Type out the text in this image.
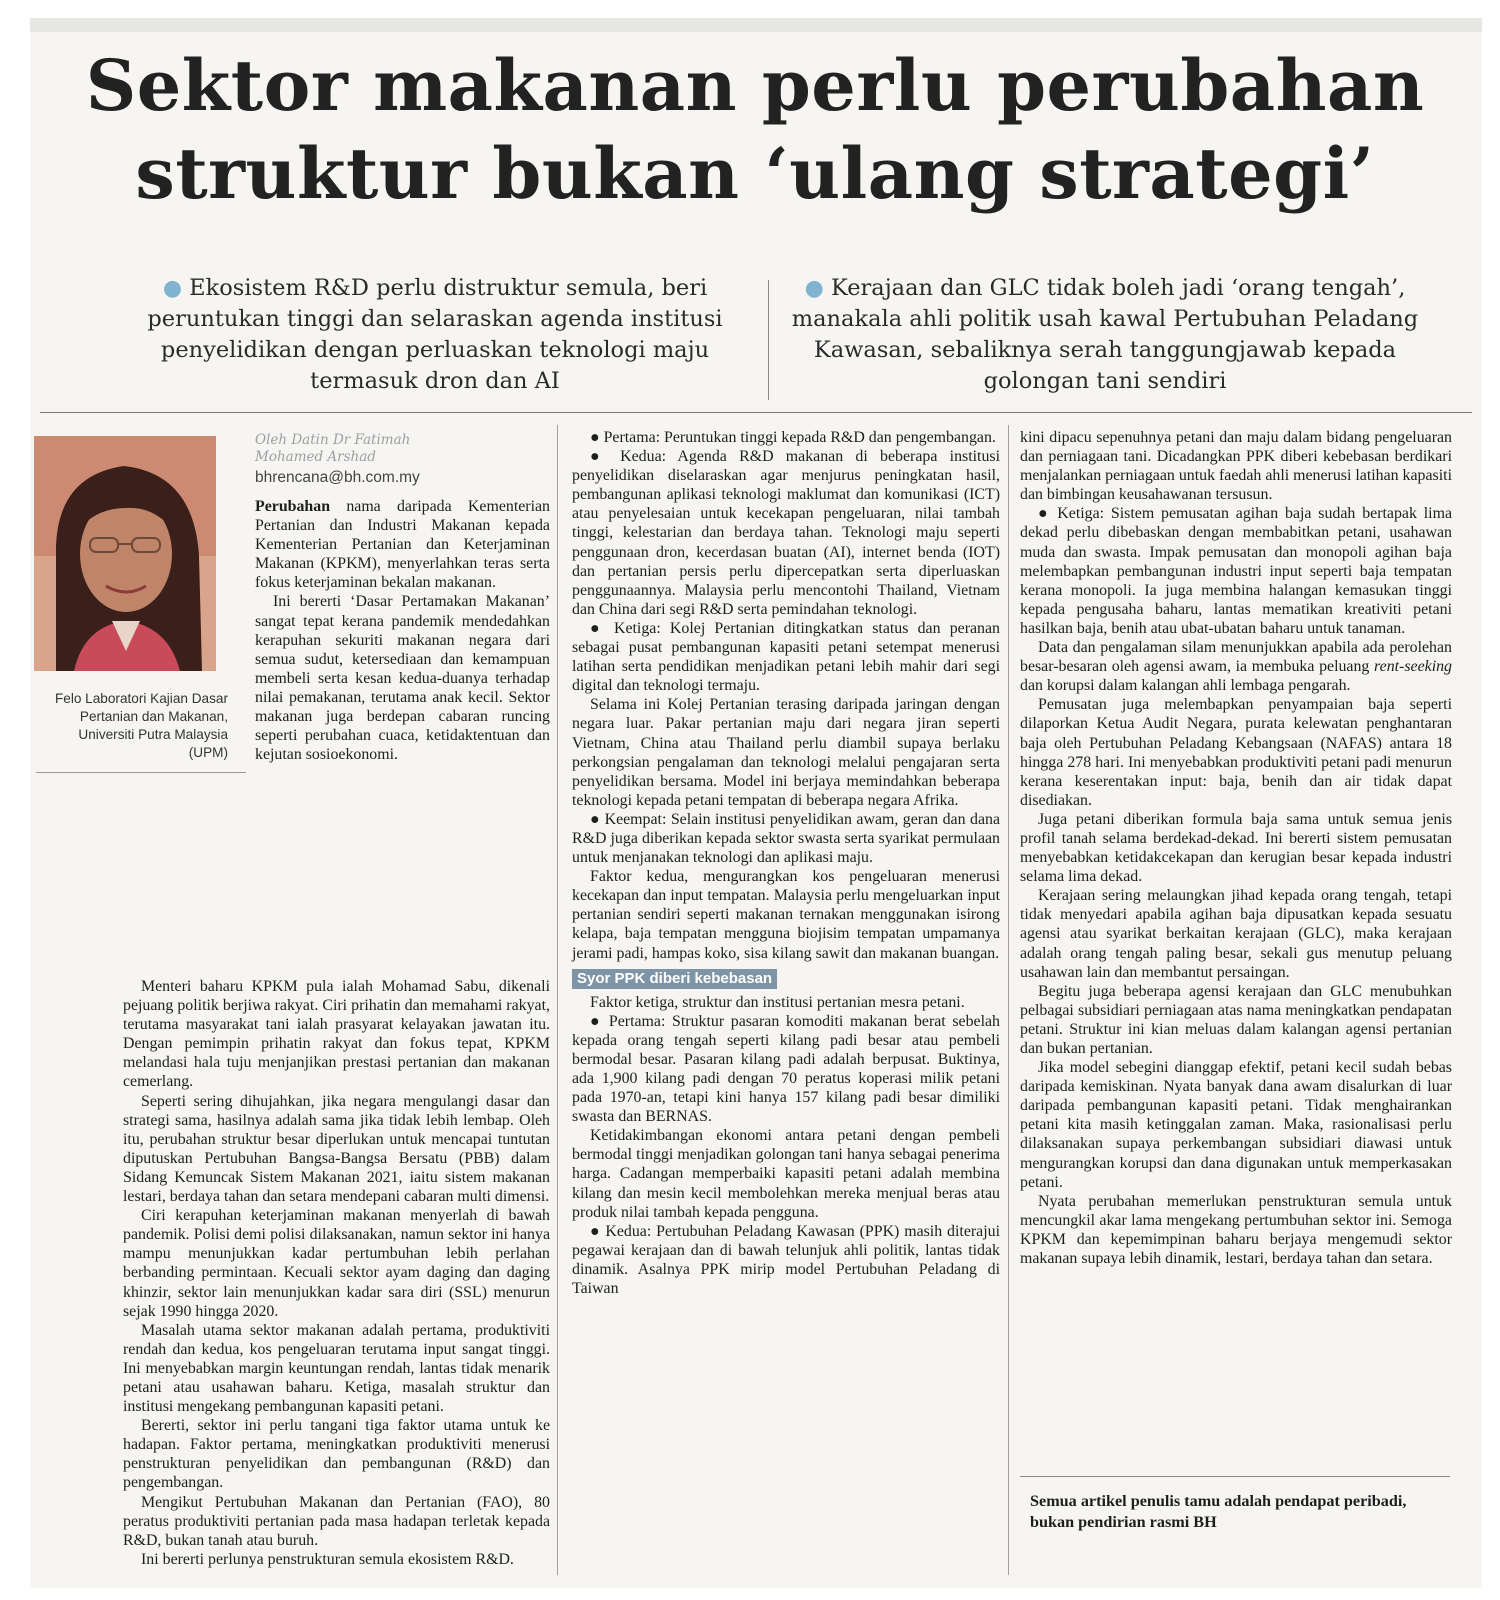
Sektor makanan perlu perubahan
struktur bukan ‘ulang strategi’
● Ekosistem R&D perlu distruktur semula, beri peruntukan tinggi dan selaraskan agenda institusi penyelidikan dengan perluaskan teknologi maju termasuk dron dan AI
● Kerajaan dan GLC tidak boleh jadi ‘orang tengah’, manakala ahli politik usah kawal Pertubuhan Peladang Kawasan, sebaliknya serah tanggungjawab kepada golongan tani sendiri
Felo Laboratori Kajian Dasar Pertanian dan Makanan, Universiti Putra Malaysia (UPM)
Oleh Datin Dr Fatimah
Mohamed Arshad
bhrencana@bh.com.my

Perubahan nama daripada Kementerian Pertanian dan Industri Makanan kepada Kementerian Pertanian dan Keterjaminan Makanan (KPKM), menyerlahkan teras serta fokus keterjaminan bekalan makanan.

Ini bererti ‘Dasar Pertamakan Makanan’ sangat tepat kerana pandemik mendedahkan kerapuhan sekuriti makanan negara dari semua sudut, ketersediaan dan kemampuan membeli serta kesan kedua-duanya terhadap nilai pemakanan, terutama anak kecil. Sektor makanan juga berdepan cabaran runcing seperti perubahan cuaca, ketidaktentuan dan kejutan sosioekonomi.

Menteri baharu KPKM pula ialah Mohamad Sabu, dikenali pejuang politik berjiwa rakyat. Ciri prihatin dan memahami rakyat, terutama masyarakat tani ialah prasyarat kelayakan jawatan itu. Dengan pemimpin prihatin rakyat dan fokus tepat, KPKM melandasi hala tuju menjanjikan prestasi pertanian dan makanan cemerlang.

Seperti sering dihujahkan, jika negara mengulangi dasar dan strategi sama, hasilnya adalah sama jika tidak lebih lembap. Oleh itu, perubahan struktur besar diperlukan untuk mencapai tuntutan diputuskan Pertubuhan Bangsa-Bangsa Bersatu (PBB) dalam Sidang Kemuncak Sistem Makanan 2021, iaitu sistem makanan lestari, berdaya tahan dan setara mendepani cabaran multi dimensi.

Ciri kerapuhan keterjaminan makanan menyerlah di bawah pandemik. Polisi demi polisi dilaksanakan, namun sektor ini hanya mampu menunjukkan kadar pertumbuhan lebih perlahan berbanding permintaan. Kecuali sektor ayam daging dan daging khinzir, sektor lain menunjukkan kadar sara diri (SSL) menurun sejak 1990 hingga 2020.

Masalah utama sektor makanan adalah pertama, produktiviti rendah dan kedua, kos pengeluaran terutama input sangat tinggi. Ini menyebabkan margin keuntungan rendah, lantas tidak menarik petani atau usahawan baharu. Ketiga, masalah struktur dan institusi mengekang pembangunan kapasiti petani.

Bererti, sektor ini perlu tangani tiga faktor utama untuk ke hadapan. Faktor pertama, meningkatkan produktiviti menerusi penstrukturan penyelidikan dan pembangunan (R&D) dan pengembangan.

Mengikut Pertubuhan Makanan dan Pertanian (FAO), 80 peratus produktiviti pertanian pada masa hadapan terletak kepada R&D, bukan tanah atau buruh.

Ini bererti perlunya penstrukturan semula ekosistem R&D.

● Pertama: Peruntukan tinggi kepada R&D dan pengembangan.

● Kedua: Agenda R&D makanan di beberapa institusi penyelidikan diselaraskan agar menjurus peningkatan hasil, pembangunan aplikasi teknologi maklumat dan komunikasi (ICT) atau penyelesaian untuk kecekapan pengeluaran, nilai tambah tinggi, kelestarian dan berdaya tahan. Teknologi maju seperti penggunaan dron, kecerdasan buatan (AI), internet benda (IOT) dan pertanian persis perlu dipercepatkan serta diperluaskan penggunaannya. Malaysia perlu mencontohi Thailand, Vietnam dan China dari segi R&D serta pemindahan teknologi.

● Ketiga: Kolej Pertanian ditingkatkan status dan peranan sebagai pusat pembangunan kapasiti petani setempat menerusi latihan serta pendidikan menjadikan petani lebih mahir dari segi digital dan teknologi termaju.

Selama ini Kolej Pertanian terasing daripada jaringan dengan negara luar. Pakar pertanian maju dari negara jiran seperti Vietnam, China atau Thailand perlu diambil supaya berlaku perkongsian pengalaman dan teknologi melalui pengajaran serta penyelidikan bersama. Model ini berjaya memindahkan beberapa teknologi kepada petani tempatan di beberapa negara Afrika.

● Keempat: Selain institusi penyelidikan awam, geran dan dana R&D juga diberikan kepada sektor swasta serta syarikat permulaan untuk menjanakan teknologi dan aplikasi maju.

Faktor kedua, mengurangkan kos pengeluaran menerusi kecekapan dan input tempatan. Malaysia perlu mengeluarkan input pertanian sendiri seperti makanan ternakan menggunakan isirong kelapa, baja tempatan mengguna biojisim tempatan umpamanya jerami padi, hampas koko, sisa kilang sawit dan makanan buangan.

Syor PPK diberi kebebasan

Faktor ketiga, struktur dan institusi pertanian mesra petani.

● Pertama: Struktur pasaran komoditi makanan berat sebelah kepada orang tengah seperti kilang padi besar atau pembeli bermodal besar. Pasaran kilang padi adalah berpusat. Buktinya, ada 1,900 kilang padi dengan 70 peratus koperasi milik petani pada 1970-an, tetapi kini hanya 157 kilang padi besar dimiliki swasta dan BERNAS.

Ketidakimbangan ekonomi antara petani dengan pembeli bermodal tinggi menjadikan golongan tani hanya sebagai penerima harga. Cadangan memperbaiki kapasiti petani adalah membina kilang dan mesin kecil membolehkan mereka menjual beras atau produk nilai tambah kepada pengguna.

● Kedua: Pertubuhan Peladang Kawasan (PPK) masih diterajui pegawai kerajaan dan di bawah telunjuk ahli politik, lantas tidak dinamik. Asalnya PPK mirip model Pertubuhan Peladang di Taiwan

kini dipacu sepenuhnya petani dan maju dalam bidang pengeluaran dan perniagaan tani. Dicadangkan PPK diberi kebebasan berdikari menjalankan perniagaan untuk faedah ahli menerusi latihan kapasiti dan bimbingan keusahawanan tersusun.

● Ketiga: Sistem pemusatan agihan baja sudah bertapak lima dekad perlu dibebaskan dengan membabitkan petani, usahawan muda dan swasta. Impak pemusatan dan monopoli agihan baja melembapkan pembangunan industri input seperti baja tempatan kerana monopoli. Ia juga membina halangan kemasukan tinggi kepada pengusaha baharu, lantas mematikan kreativiti petani hasilkan baja, benih atau ubat-ubatan baharu untuk tanaman.

Data dan pengalaman silam menunjukkan apabila ada perolehan besar-besaran oleh agensi awam, ia membuka peluang rent-seeking dan korupsi dalam kalangan ahli lembaga pengarah.

Pemusatan juga melembapkan penyampaian baja seperti dilaporkan Ketua Audit Negara, purata kelewatan penghantaran baja oleh Pertubuhan Peladang Kebangsaan (NAFAS) antara 18 hingga 278 hari. Ini menyebabkan produktiviti petani padi menurun kerana keserentakan input: baja, benih dan air tidak dapat disediakan.

Juga petani diberikan formula baja sama untuk semua jenis profil tanah selama berdekad-dekad. Ini bererti sistem pemusatan menyebabkan ketidakcekapan dan kerugian besar kepada industri selama lima dekad.

Kerajaan sering melaungkan jihad kepada orang tengah, tetapi tidak menyedari apabila agihan baja dipusatkan kepada sesuatu agensi atau syarikat berkaitan kerajaan (GLC), maka kerajaan adalah orang tengah paling besar, sekali gus menutup peluang usahawan lain dan membantut persaingan.

Begitu juga beberapa agensi kerajaan dan GLC menubuhkan pelbagai subsidiari perniagaan atas nama meningkatkan pendapatan petani. Struktur ini kian meluas dalam kalangan agensi pertanian dan bukan pertanian.

Jika model sebegini dianggap efektif, petani kecil sudah bebas daripada kemiskinan. Nyata banyak dana awam disalurkan di luar daripada pembangunan kapasiti petani. Tidak menghairankan petani kita masih ketinggalan zaman. Maka, rasionalisasi perlu dilaksanakan supaya perkembangan subsidiari diawasi untuk mengurangkan korupsi dan dana digunakan untuk memperkasakan petani.

Nyata perubahan memerlukan penstrukturan semula untuk mencungkil akar lama mengekang pertumbuhan sektor ini. Semoga KPKM dan kepemimpinan baharu berjaya mengemudi sektor makanan supaya lebih dinamik, lestari, berdaya tahan dan setara.

Semua artikel penulis tamu adalah pendapat peribadi, bukan pendirian rasmi BH
